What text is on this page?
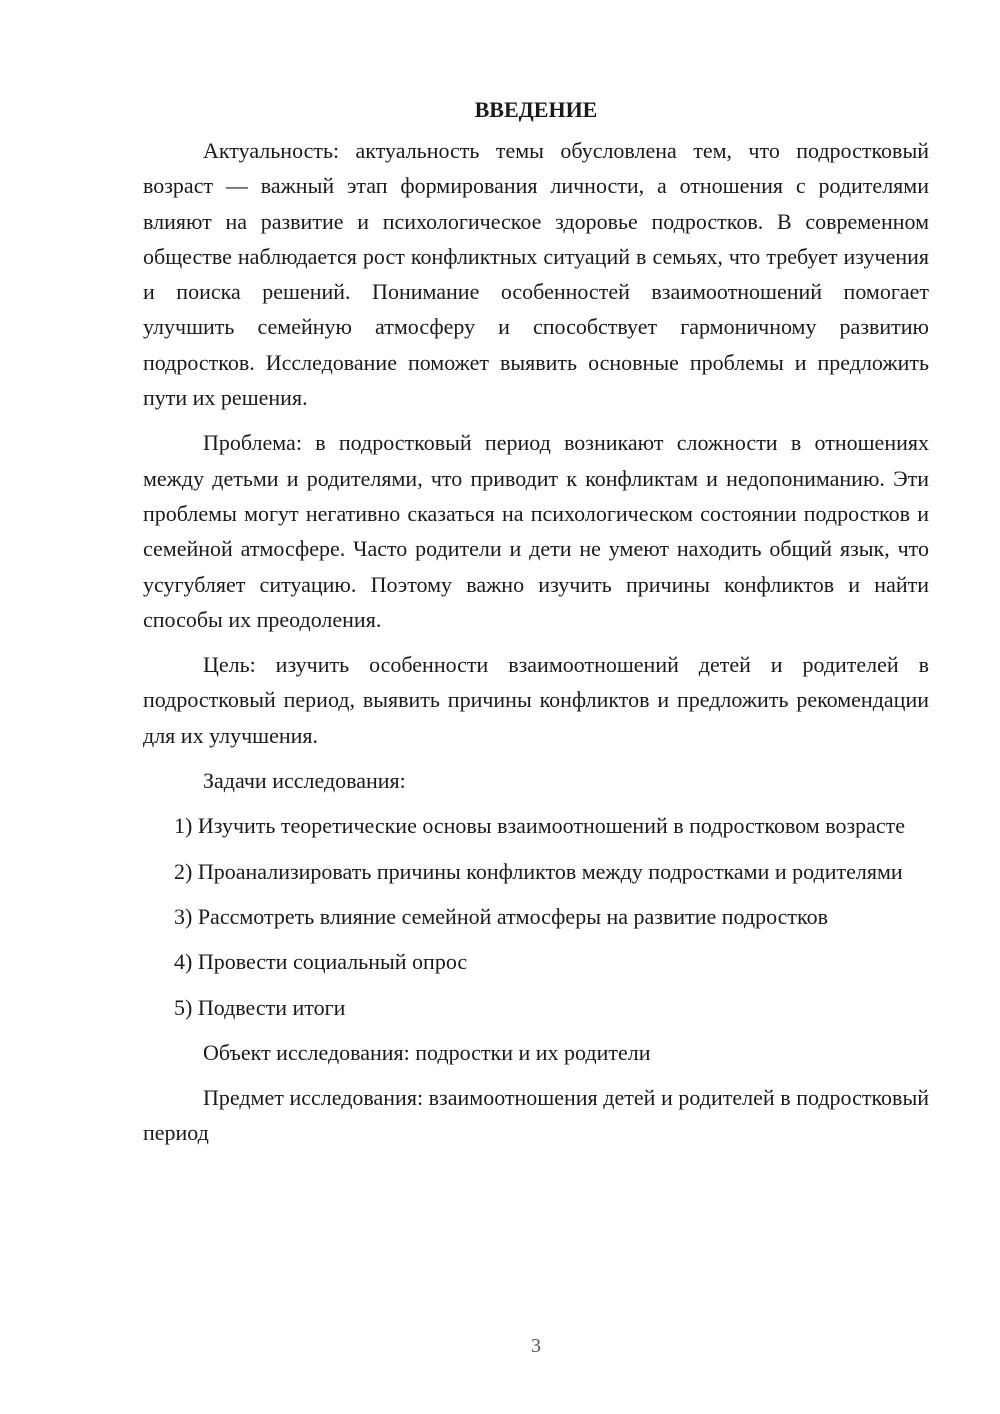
ВВЕДЕНИЕ

Актуальность: актуальность темы обусловлена тем, что подростковый возраст — важный этап формирования личности, а отношения с родителями влияют на развитие и психологическое здоровье подростков. В современном обществе наблюдается рост конфликтных ситуаций в семьях, что требует изучения и поиска решений. Понимание особенностей взаимоотношений помогает улучшить семейную атмосферу и способствует гармоничному развитию подростков. Исследование поможет выявить основные проблемы и предложить пути их решения.

Проблема: в подростковый период возникают сложности в отношениях между детьми и родителями, что приводит к конфликтам и недопониманию. Эти проблемы могут негативно сказаться на психологическом состоянии подростков и семейной атмосфере. Часто родители и дети не умеют находить общий язык, что усугубляет ситуацию. Поэтому важно изучить причины конфликтов и найти способы их преодоления.

Цель: изучить особенности взаимоотношений детей и родителей в подростковый период, выявить причины конфликтов и предложить рекомендации для их улучшения.

Задачи исследования:

1) Изучить теоретические основы взаимоотношений в подростковом возрасте

2) Проанализировать причины конфликтов между подростками и родителями

3) Рассмотреть влияние семейной атмосферы на развитие подростков

4) Провести социальный опрос

5) Подвести итоги

Объект исследования: подростки и их родители

Предмет исследования: взаимоотношения детей и родителей в подростковый период

3
